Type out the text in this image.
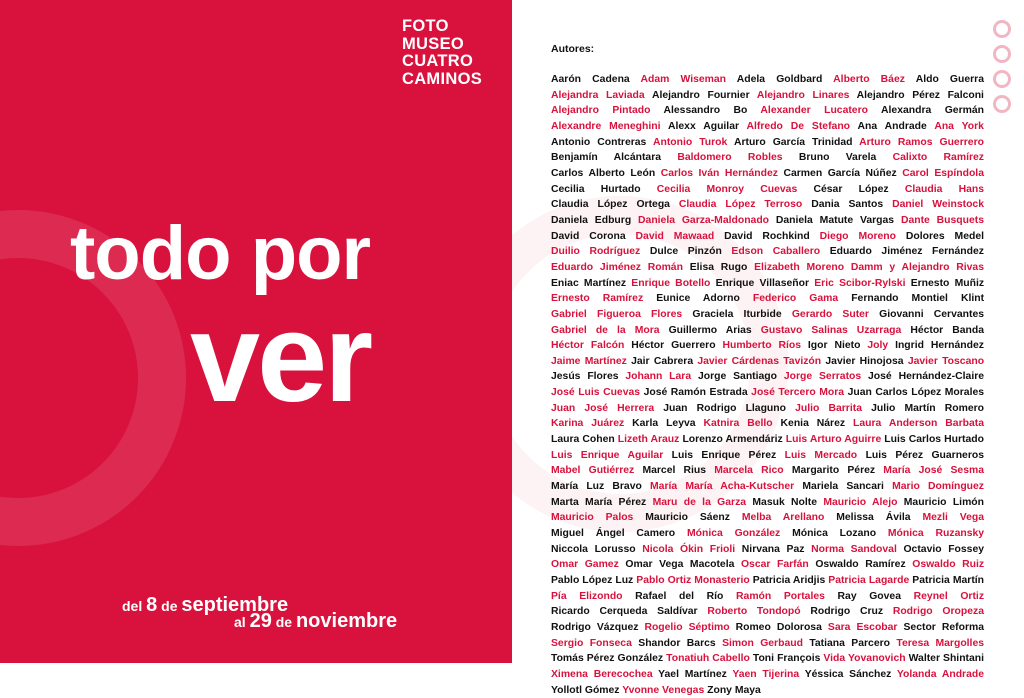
FOTO
MUSEO
CUATRO
CAMINOS
todo por
ver
del 8 de septiembre
al 29 de noviembre
Autores:
Aarón Cadena Adam Wiseman Adela Goldbard Alberto Báez Aldo Guerra Alejandra Laviada Alejandro Fournier Alejandro Linares Alejandro Pérez Falconi Alejandro Pintado Alessandro Bo Alexander Lucatero Alexandra Germán Alexandre Meneghini Alexx Aguilar Alfredo De Stefano Ana Andrade Ana York Antonio Contreras Antonio Turok Arturo García Trinidad Arturo Ramos Guerrero Benjamín Alcántara Baldomero Robles Bruno Varela Calixto Ramírez Carlos Alberto León Carlos Iván Hernández Carmen García Núñez Carol Espíndola Cecilia Hurtado Cecilia Monroy Cuevas César López Claudia Hans Claudia López Ortega Claudia López Terroso Dania Santos Daniel Weinstock Daniela Edburg Daniela Garza-Maldonado Daniela Matute Vargas Dante Busquets David Corona David Mawaad David Rochkind Diego Moreno Dolores Medel Duilio Rodríguez Dulce Pinzón Edson Caballero Eduardo Jiménez Fernández Eduardo Jiménez Román Elisa Rugo Elizabeth Moreno Damm y Alejandro Rivas Eniac Martínez Enrique Botello Enrique Villaseñor Eric Scibor-Rylski Ernesto Muñiz Ernesto Ramírez Eunice Adorno Federico Gama Fernando Montiel Klint Gabriel Figueroa Flores Graciela Iturbide Gerardo Suter Giovanni Cervantes Gabriel de la Mora Guillermo Arias Gustavo Salinas Uzarraga Héctor Banda Héctor Falcón Héctor Guerrero Humberto Ríos Igor Nieto Joly Ingrid Hernández Jaime Martínez Jair Cabrera Javier Cárdenas Tavizón Javier Hinojosa Javier Toscano Jesús Flores Johann Lara Jorge Santiago Jorge Serratos José Hernández-Claire José Luis Cuevas José Ramón Estrada José Tercero Mora Juan Carlos López Morales Juan José Herrera Juan Rodrigo Llaguno Julio Barrita Julio Martín Romero Karina Juárez Karla Leyva Katnira Bello Kenia Nárez Laura Anderson Barbata Laura Cohen Lizeth Arauz Lorenzo Armendáriz Luis Arturo Aguirre Luis Carlos Hurtado Luis Enrique Aguilar Luis Enrique Pérez Luis Mercado Luis Pérez Guarneros Mabel Gutiérrez Marcel Rius Marcela Rico Margarito Pérez María José Sesma María Luz Bravo María María Acha-Kutscher Mariela Sancari Mario Domínguez Marta María Pérez Maru de la Garza Masuk Nolte Mauricio Alejo Mauricio Limón Mauricio Palos Mauricio Sáenz Melba Arellano Melissa Ávila Mezli Vega Miguel Ángel Camero Mónica González Mónica Lozano Mónica Ruzansky Niccola Lorusso Nicola Ókin Frioli Nirvana Paz Norma Sandoval Octavio Fossey Omar Gamez Omar Vega Macotela Oscar Farfán Oswaldo Ramírez Oswaldo Ruiz Pablo López Luz Pablo Ortiz Monasterio Patricia Aridjis Patricia Lagarde Patricia Martín Pía Elizondo Rafael del Río Ramón Portales Ray Govea Reynel Ortiz Ricardo Cerqueda Saldívar Roberto Tondopó Rodrigo Cruz Rodrigo Oropeza Rodrigo Vázquez Rogelio Séptimo Romeo Dolorosa Sara Escobar Sector Reforma Sergio Fonseca Shandor Barcs Simon Gerbaud Tatiana Parcero Teresa Margolles Tomás Pérez González Tonatiuh Cabello Toni François Vida Yovanovich Walter Shintani Ximena Berecochea Yael Martínez Yaen Tijerina Yéssica Sánchez Yolanda Andrade Yollotl Gómez Yvonne Venegas Zony Maya
